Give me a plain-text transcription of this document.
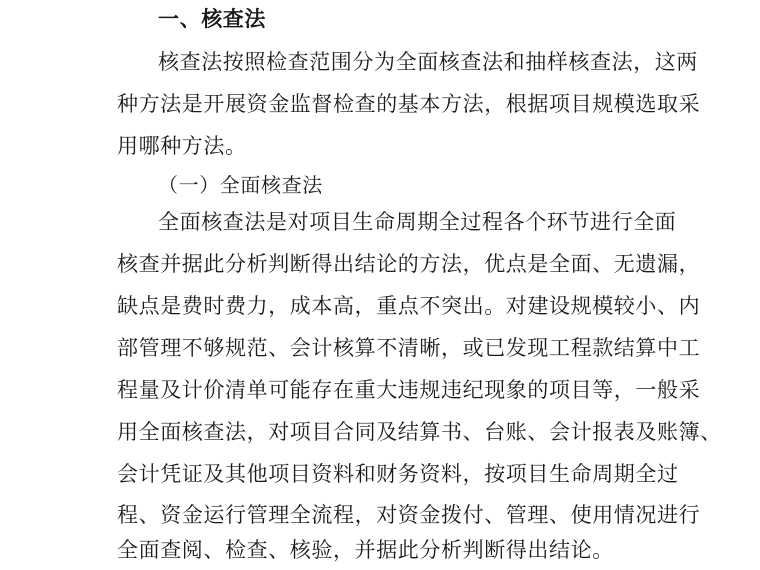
一、核查法
核查法按照检查范围分为全面核查法和抽样核查法，这两
种方法是开展资金监督检查的基本方法，根据项目规模选取采
用哪种方法。
（一）全面核查法
全面核查法是对项目生命周期全过程各个环节进行全面
核查并据此分析判断得出结论的方法，优点是全面、无遗漏，
缺点是费时费力，成本高，重点不突出。对建设规模较小、内
部管理不够规范、会计核算不清晰，或已发现工程款结算中工
程量及计价清单可能存在重大违规违纪现象的项目等，一般采
用全面核查法，对项目合同及结算书、台账、会计报表及账簿、
会计凭证及其他项目资料和财务资料，按项目生命周期全过
程、资金运行管理全流程，对资金拨付、管理、使用情况进行
全面查阅、检查、核验，并据此分析判断得出结论。
